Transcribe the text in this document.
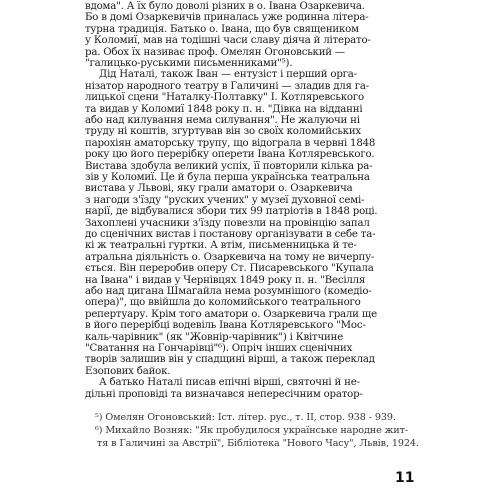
вдома". А їх було доволі різних в о. Івана Озаркевича.
Бо в домі Озаркевичів приналась уже родинна літера-
турна традиція. Батько о. Івана, що був священиком
у Коломиї, мав на тодішні часи славу діяча й літерато-
ра. Обох їх називає проф. Омелян Огоновський —
"галицько-руськими письменниками"⁵).
Дід Наталі, також Іван — ентузіст і перший орга-
нізатор народного театру в Галичині — зладив для га-
лицької сцени "Наталку-Полтавку" І. Котляревського
та видав у Коломиї 1848 року п. н. "Дівка на відданні
або над килування нема силування". Не жалуючи ні
труду ні коштів, згуртував він зо своїх коломийських
парохіян аматорську трупу, що відограла в червні 1848
року цю його перерібку оперети Івана Котляревського.
Вистава здобула великий успіх, її повторили кілька ра-
зів у Коломиї. Це й була перша українська театральна
вистава у Львові, яку грали аматори о. Озаркевича
з нагоди з'їзду "руских учених" у музеї духовної семі-
нарії, де відбувалися збори тих 99 патріотів в 1848 році.
Захоплені учасники з'їзду повезли на провінцію запал
до сценічних вистав і постанову організувати в себе та-
кі ж театральні гуртки. А втім, письменницька й те-
атральна діяльність о. Озаркевича на тому не вичерпу-
ється. Він переробив оперу Ст. Писаревського "Купала
на Івана" і видав у Чернівцях 1849 року п. н. "Весілля
або над цигана Шмагайла нема розумнішого (комедіо-
опера)", що ввійшла до коломийського театрального
репертуару. Крім того аматори о. Озаркевича грали ще
в його перерібці водевіль Івана Котляревського "Мос-
каль-чарівник" (як "Жовнір-чарівник") і Квітчине
"Сватання на Гончарівці"⁶). Опріч інших сценічних
творів залишив він у спадщині вірші, а також переклад
Езопових байок.
А батько Наталі писав епічні вірші, святочні й не-
дільні проповіді та визначався непересічним оратор-
⁵) Омелян Огоновський: Іст. літер. рус., т. ІІ, стор. 938 - 939.
⁶) Михайло Возняк: "Як пробудилося українське народне жит-
тя в Галичині за Австрії", Бібліотека "Нового Часу", Львів, 1924.
11
